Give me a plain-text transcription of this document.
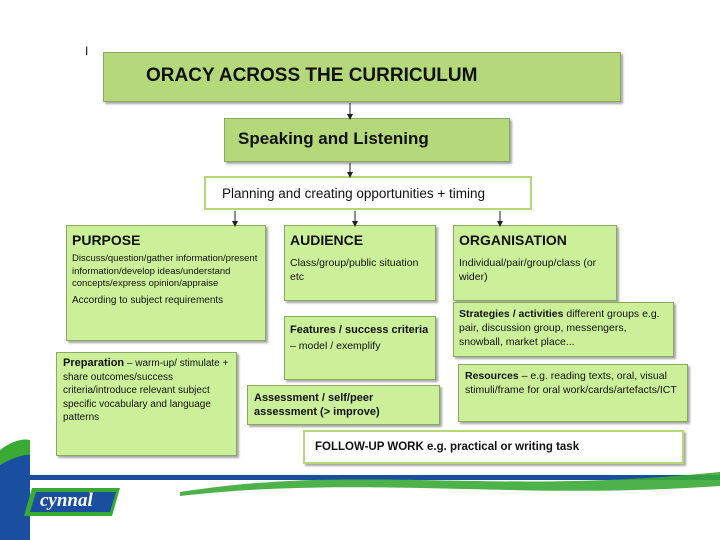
I
ORACY ACROSS THE CURRICULUM
Speaking and Listening
Planning and creating opportunities + timing
PURPOSE
Discuss/question/gather information/present information/develop ideas/understand concepts/express opinion/appraise
According to subject requirements
AUDIENCE
Class/group/public situation etc
ORGANISATION
Individual/pair/group/class (or wider)
Strategies / activities different groups e.g. pair, discussion group, messengers, snowball, market place...
Features / success criteria – model / exemplify
Resources – e.g. reading texts, oral, visual stimuli/frame for oral work/cards/artefacts/ICT
Assessment / self/peer assessment (> improve)
Preparation – warm-up/ stimulate + share outcomes/success criteria/introduce relevant subject specific vocabulary and language patterns
FOLLOW-UP WORK e.g. practical or writing task
cynnal
